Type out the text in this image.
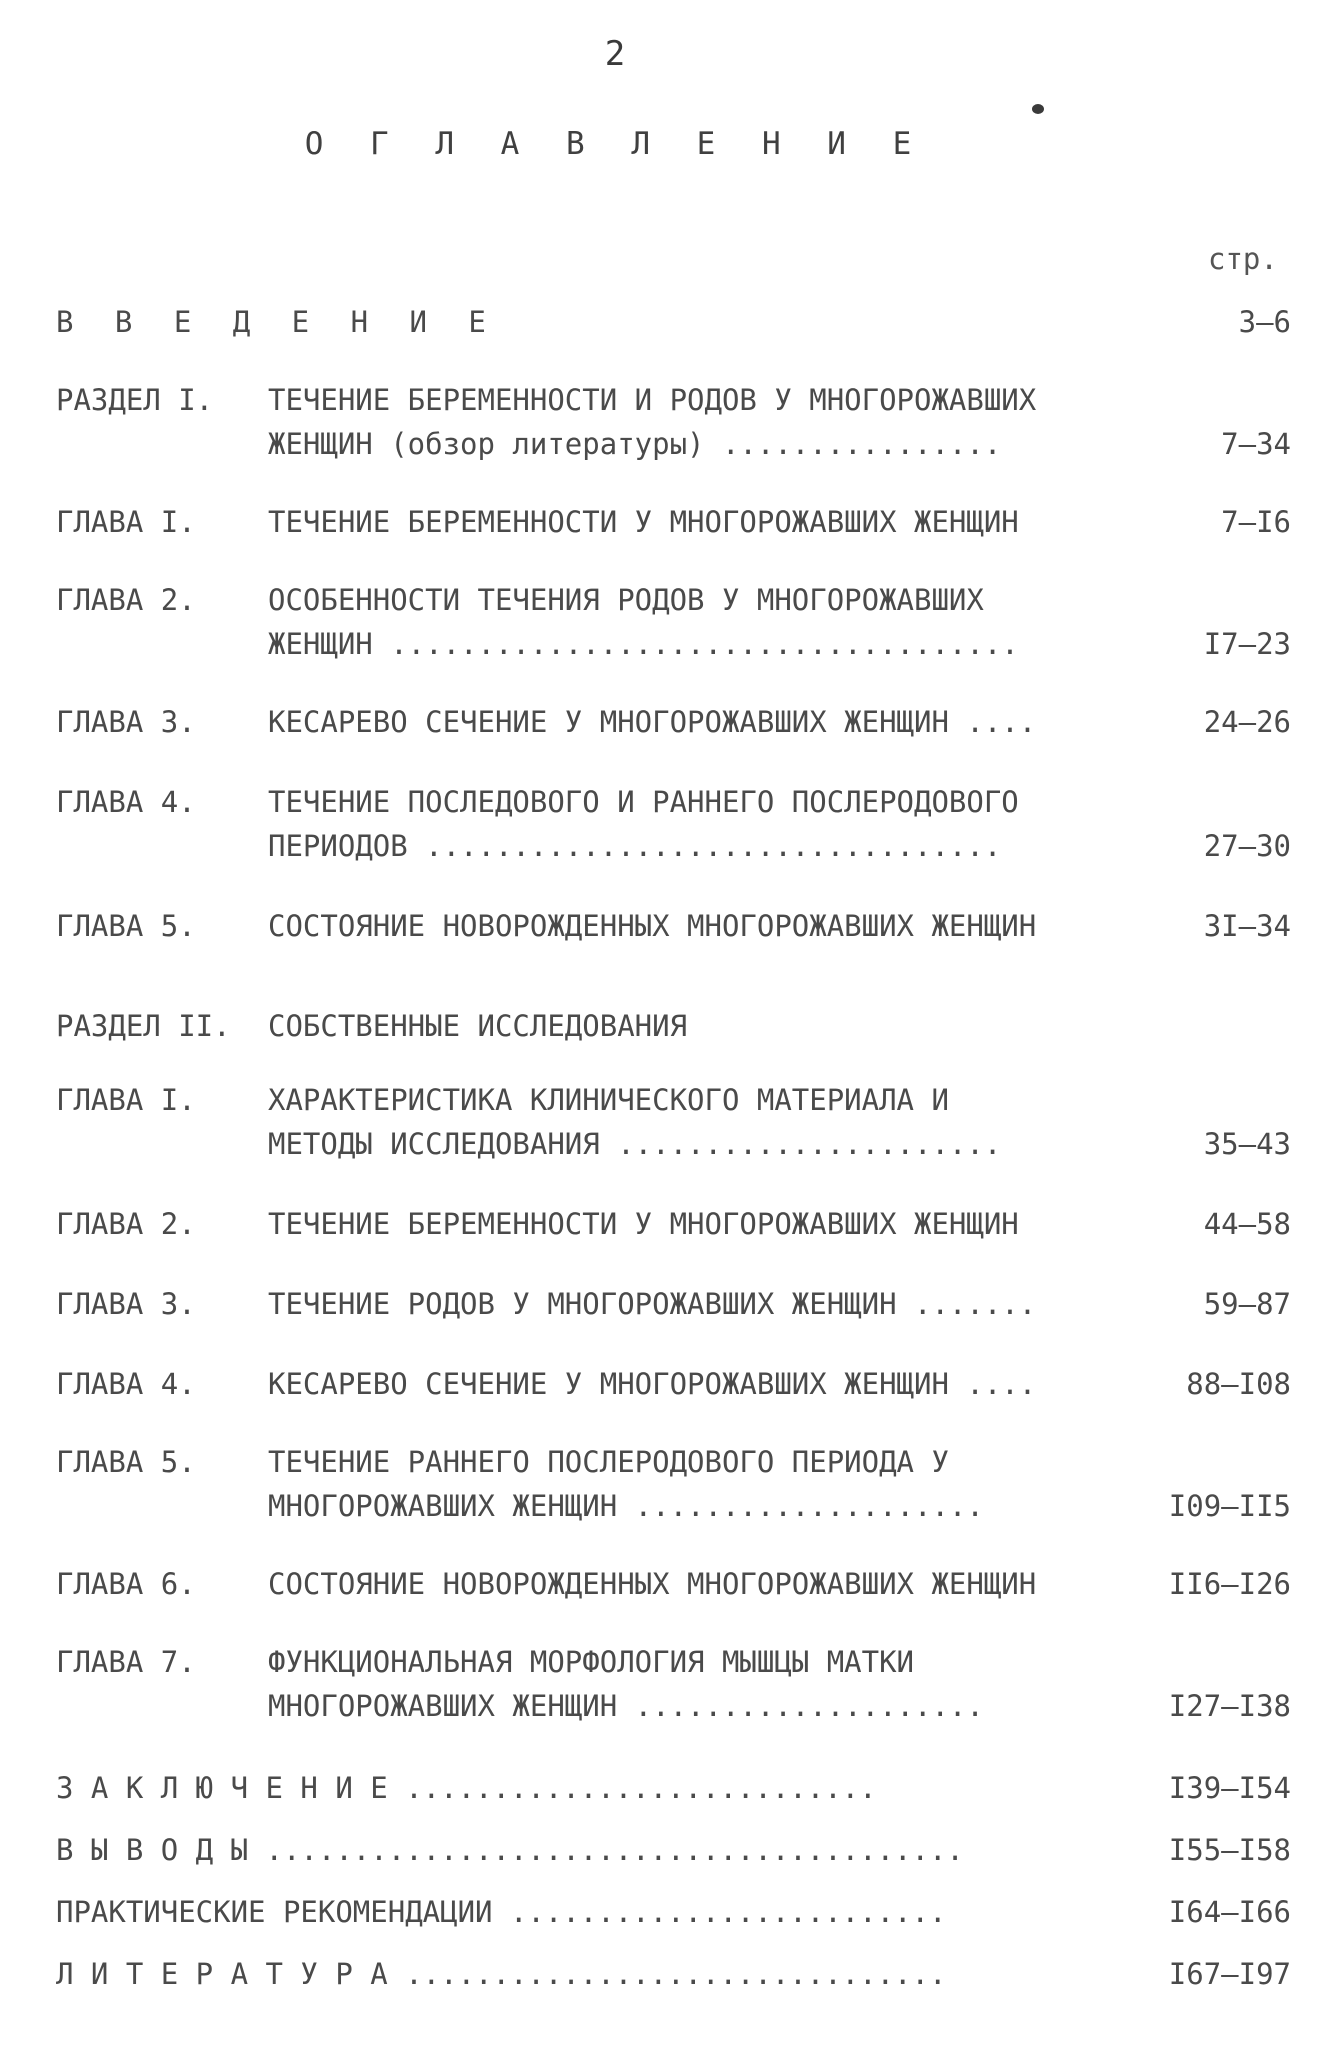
2
О Г Л А В Л Е Н И Е
стр.
В В Е Д Е Н И Е	3–6
РАЗДЕЛ I. ТЕЧЕНИЕ БЕРЕМЕННОСТИ И РОДОВ У МНОГОРОЖАВШИХ
ЖЕНЩИН (обзор литературы) ................	7–34
ГЛАВА I. ТЕЧЕНИЕ БЕРЕМЕННОСТИ У МНОГОРОЖАВШИХ ЖЕНЩИН	7–I6
ГЛАВА 2. ОСОБЕННОСТИ ТЕЧЕНИЯ РОДОВ У МНОГОРОЖАВШИХ
ЖЕНЩИН ....................................	I7–23
ГЛАВА 3. КЕСАРЕВО СЕЧЕНИЕ У МНОГОРОЖАВШИХ ЖЕНЩИН ....	24–26
ГЛАВА 4. ТЕЧЕНИЕ ПОСЛЕДОВОГО И РАННЕГО ПОСЛЕРОДОВОГО
ПЕРИОДОВ .................................	27–30
ГЛАВА 5. СОСТОЯНИЕ НОВОРОЖДЕННЫХ МНОГОРОЖАВШИХ ЖЕНЩИН	3I–34
РАЗДЕЛ II. СОБСТВЕННЫЕ ИССЛЕДОВАНИЯ
ГЛАВА I. ХАРАКТЕРИСТИКА КЛИНИЧЕСКОГО МАТЕРИАЛА И
МЕТОДЫ ИССЛЕДОВАНИЯ ......................	35–43
ГЛАВА 2. ТЕЧЕНИЕ БЕРЕМЕННОСТИ У МНОГОРОЖАВШИХ ЖЕНЩИН	44–58
ГЛАВА 3. ТЕЧЕНИЕ РОДОВ У МНОГОРОЖАВШИХ ЖЕНЩИН .......	59–87
ГЛАВА 4. КЕСАРЕВО СЕЧЕНИЕ У МНОГОРОЖАВШИХ ЖЕНЩИН ....	88–I08
ГЛАВА 5. ТЕЧЕНИЕ РАННЕГО ПОСЛЕРОДОВОГО ПЕРИОДА У
МНОГОРОЖАВШИХ ЖЕНЩИН ....................	I09–II5
ГЛАВА 6. СОСТОЯНИЕ НОВОРОЖДЕННЫХ МНОГОРОЖАВШИХ ЖЕНЩИН	II6–I26
ГЛАВА 7. ФУНКЦИОНАЛЬНАЯ МОРФОЛОГИЯ МЫШЦЫ МАТКИ
МНОГОРОЖАВШИХ ЖЕНЩИН ....................	I27–I38
З А К Л Ю Ч Е Н И Е ...........................	I39–I54
В Ы В О Д Ы ........................................	I55–I58
ПРАКТИЧЕСКИЕ РЕКОМЕНДАЦИИ .........................	I64–I66
Л И Т Е Р А Т У Р А ...............................	I67–I97
